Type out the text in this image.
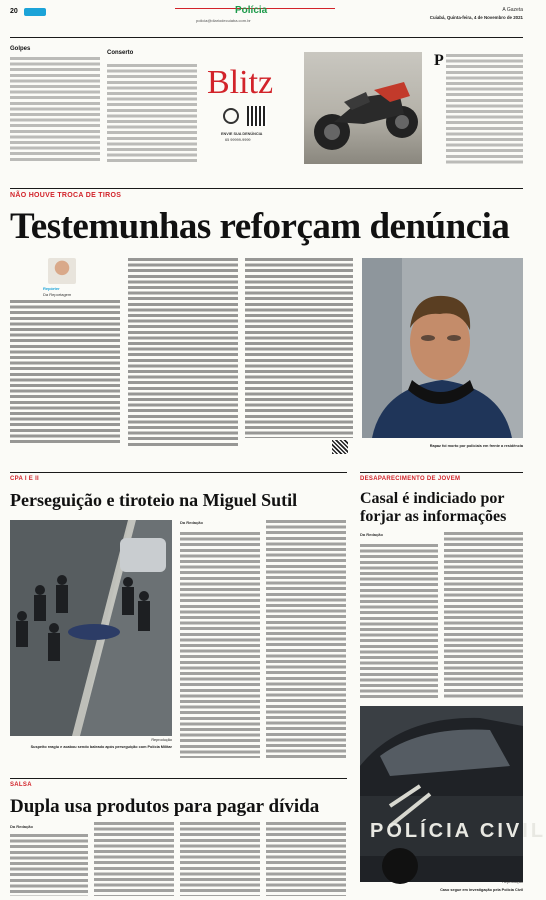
20	Polícia
policia@diariodecuiaba.com.br
A Gazeta
Cuiabá, Quinta-feira, 4 de Novembro de 2021
Golpes
Conserto
Blitz
ENVIE SUA DENÚNCIA
65 99999-9999
P
NÃO HOUVE TROCA DE TIROS
Testemunhas reforçam denúncia
Repórter
Da Reportagem
Rapaz foi morto por policiais em frente a residência
CPA I E II
Perseguição e tiroteio na Miguel Sutil
Reprodução
Suspeito reagiu e acabou sendo baleado após perseguição com Polícia Militar
Da Redação
DESAPARECIMENTO DE JOVEM
Casal é indiciado por forjar as informações
Da Redação
POLÍCIA CIVIL
Reprodução
Caso segue em investigação pela Polícia Civil
SALSA
Dupla usa produtos para pagar dívida
Da Redação
